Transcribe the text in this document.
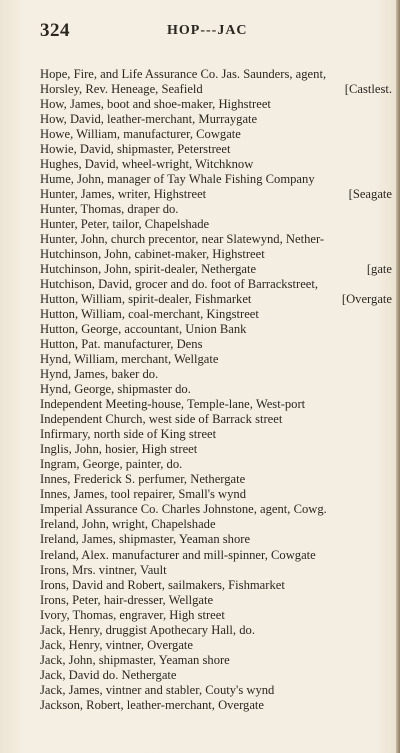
324	HOP---JAC
Hope, Fire, and Life Assurance Co. Jas. Saunders, agent,
Horsley, Rev. Heneage, Seafield	[Castlest.
How, James, boot and shoe-maker, Highstreet
How, David, leather-merchant, Murraygate
Howe, William, manufacturer, Cowgate
Howie, David, shipmaster, Peterstreet
Hughes, David, wheel-wright, Witchknow
Hume, John, manager of Tay Whale Fishing Company
Hunter, James, writer, Highstreet	[Seagate
Hunter, Thomas, draper do.
Hunter, Peter, tailor, Chapelshade
Hunter, John, church precentor, near Slatewynd, Nether-
Hutchinson, John, cabinet-maker, Highstreet
Hutchinson, John, spirit-dealer, Nethergate	[gate
Hutchison, David, grocer and do. foot of Barrackstreet,
Hutton, William, spirit-dealer, Fishmarket	[Overgate
Hutton, William, coal-merchant, Kingstreet
Hutton, George, accountant, Union Bank
Hutton, Pat. manufacturer, Dens
Hynd, William, merchant, Wellgate
Hynd, James, baker do.
Hynd, George, shipmaster do.
Independent Meeting-house, Temple-lane, West-port
Independent Church, west side of Barrack street
Infirmary, north side of King street
Inglis, John, hosier, High street
Ingram, George, painter, do.
Innes, Frederick S. perfumer, Nethergate
Innes, James, tool repairer, Small's wynd
Imperial Assurance Co. Charles Johnstone, agent, Cowg.
Ireland, John, wright, Chapelshade
Ireland, James, shipmaster, Yeaman shore
Ireland, Alex. manufacturer and mill-spinner, Cowgate
Irons, Mrs. vintner, Vault
Irons, David and Robert, sailmakers, Fishmarket
Irons, Peter, hair-dresser, Wellgate
Ivory, Thomas, engraver, High street
Jack, Henry, druggist Apothecary Hall, do.
Jack, Henry, vintner, Overgate
Jack, John, shipmaster, Yeaman shore
Jack, David do. Nethergate
Jack, James, vintner and stabler, Couty's wynd
Jackson, Robert, leather-merchant, Overgate
